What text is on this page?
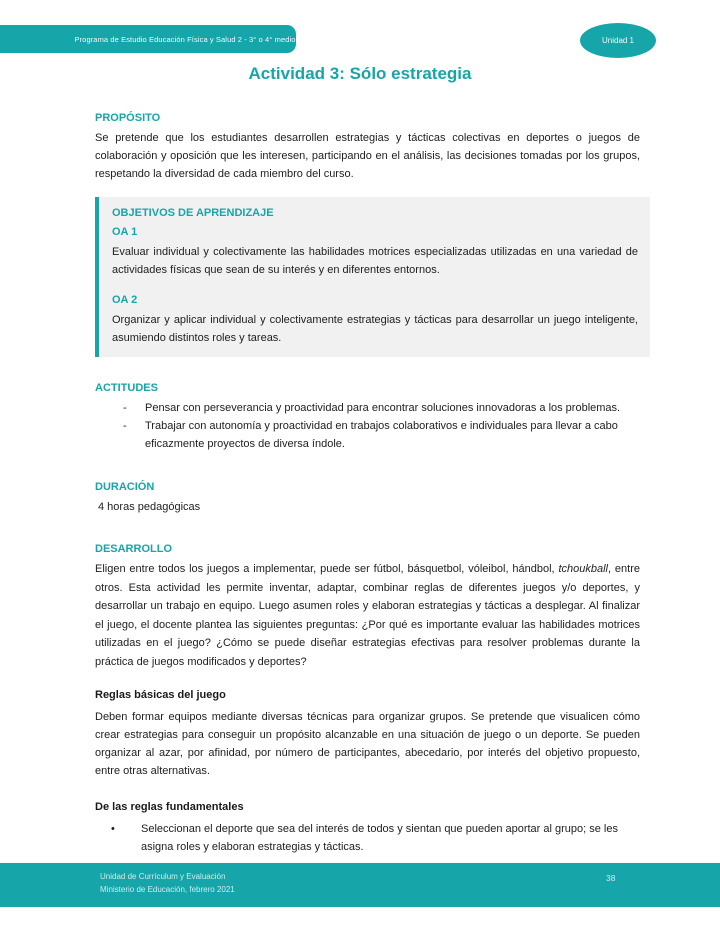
Programa de Estudio Educación Física y Salud 2 - 3° o 4° medio	Unidad 1
Actividad 3: Sólo estrategia
PROPÓSITO

Se pretende que los estudiantes desarrollen estrategias y tácticas colectivas en deportes o juegos de colaboración y oposición que les interesen, participando en el análisis, las decisiones tomadas por los grupos, respetando la diversidad de cada miembro del curso.

OBJETIVOS DE APRENDIZAJE
OA 1

Evaluar individual y colectivamente las habilidades motrices especializadas utilizadas en una variedad de actividades físicas que sean de su interés y en diferentes entornos.

OA 2

Organizar y aplicar individual y colectivamente estrategias y tácticas para desarrollar un juego inteligente, asumiendo distintos roles y tareas.

ACTITUDES
-	Pensar con perseverancia y proactividad para encontrar soluciones innovadoras a los problemas.
-	Trabajar con autonomía y proactividad en trabajos colaborativos e individuales para llevar a cabo eficazmente proyectos de diversa índole.
DURACIÓN

4 horas pedagógicas

DESARROLLO

Eligen entre todos los juegos a implementar, puede ser fútbol, básquetbol, vóleibol, hándbol, tchoukball, entre otros. Esta actividad les permite inventar, adaptar, combinar reglas de diferentes juegos y/o deportes, y desarrollar un trabajo en equipo. Luego asumen roles y elaboran estrategias y tácticas a desplegar. Al finalizar el juego, el docente plantea las siguientes preguntas: ¿Por qué es importante evaluar las habilidades motrices utilizadas en el juego? ¿Cómo se puede diseñar estrategias efectivas para resolver problemas durante la práctica de juegos modificados y deportes?

Reglas básicas del juego

Deben formar equipos mediante diversas técnicas para organizar grupos. Se pretende que visualicen cómo crear estrategias para conseguir un propósito alcanzable en una situación de juego o un deporte. Se pueden organizar al azar, por afinidad, por número de participantes, abecedario, por interés del objetivo propuesto, entre otras alternativas.

De las reglas fundamentales
•	Seleccionan el deporte que sea del interés de todos y sientan que pueden aportar al grupo; se les asigna roles y elaboran estrategias y tácticas.
Unidad de Currículum y Evaluación
Ministerio de Educación, febrero 2021
38
